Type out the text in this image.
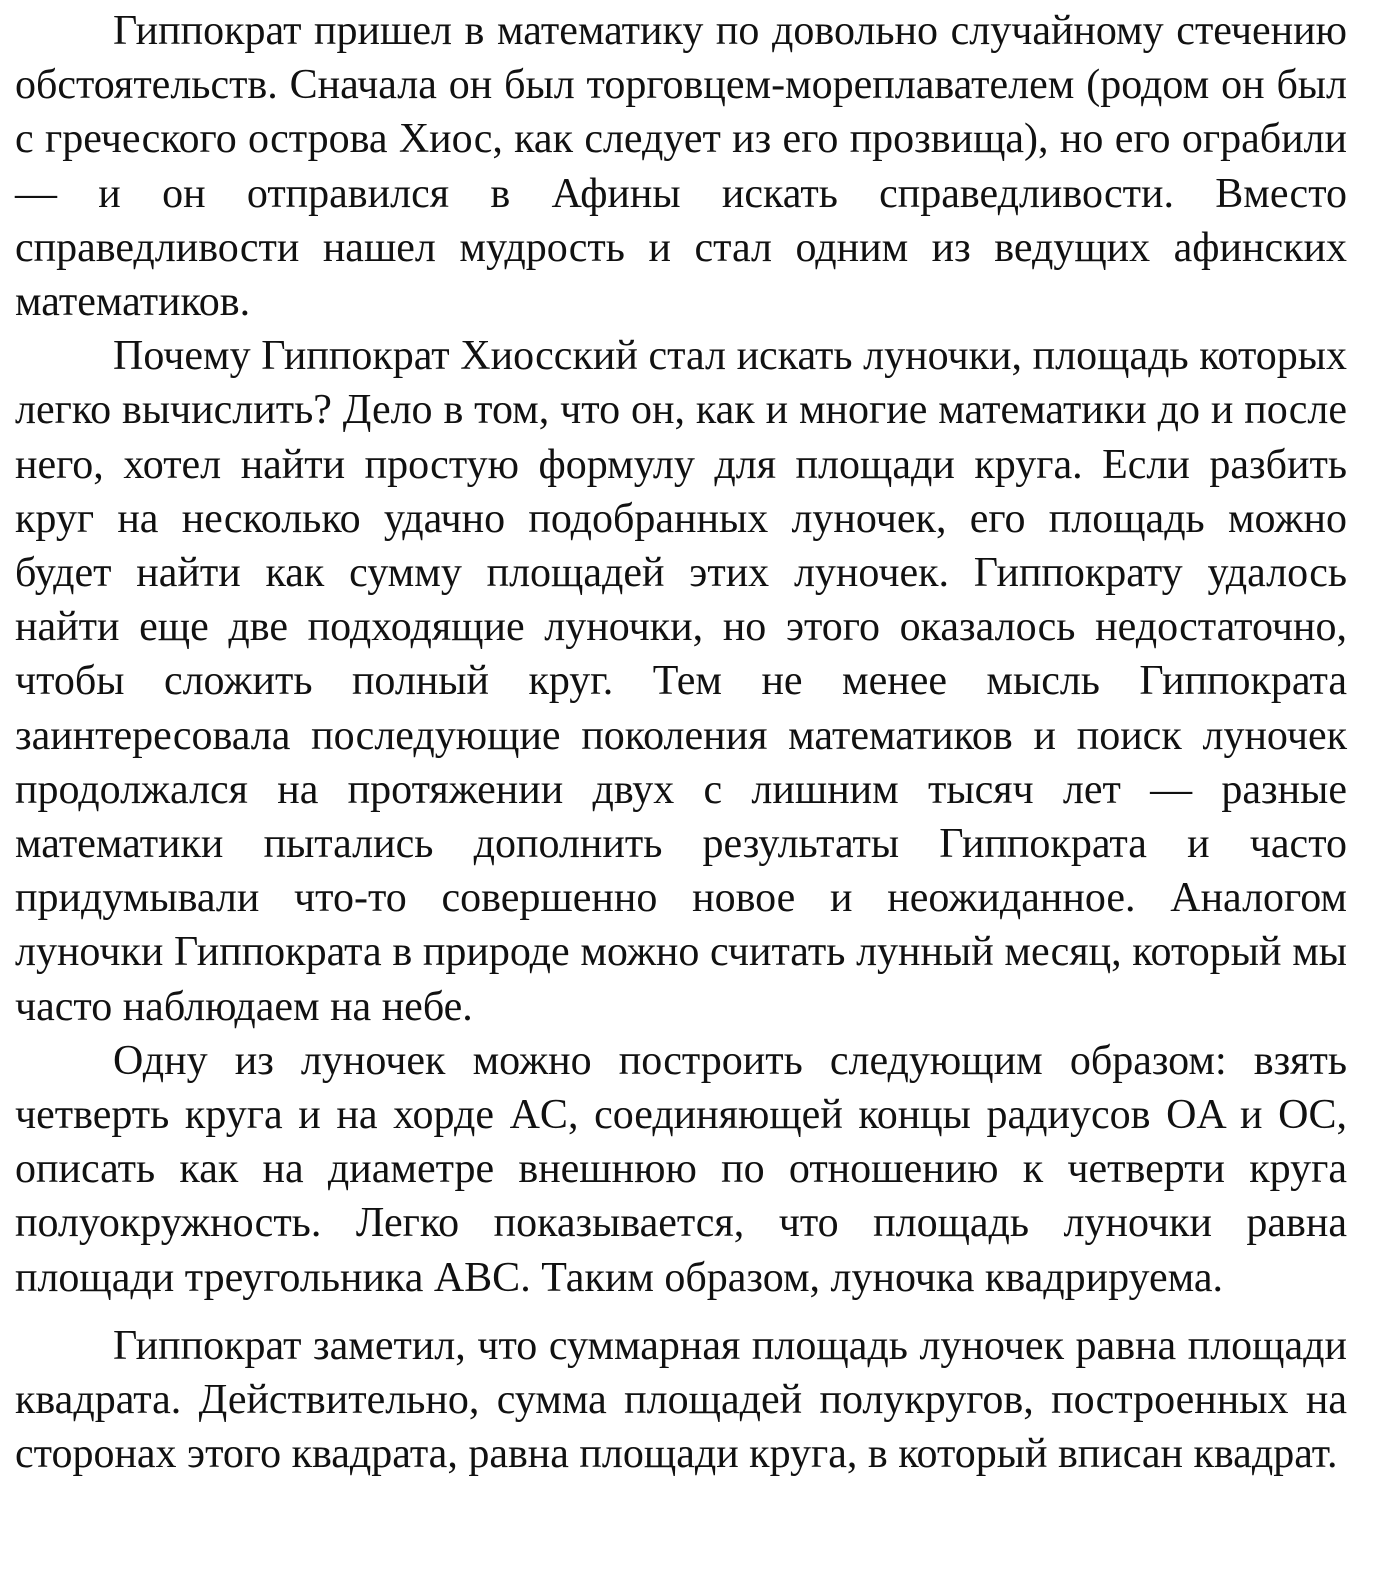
Гиппократ пришел в математику по довольно случайному стечению обстоятельств. Сначала он был торговцем-мореплавателем (родом он был с греческого острова Хиос, как следует из его прозвища), но его ограбили — и он отправился в Афины искать справедливости. Вместо справедливости нашел мудрость и стал одним из ведущих афинских математиков.

Почему Гиппократ Хиосский стал искать луночки, площадь которых легко вычислить? Дело в том, что он, как и многие математики до и после него, хотел найти простую формулу для площади круга. Если разбить круг на несколько удачно подобранных луночек, его площадь можно будет найти как сумму площадей этих луночек. Гиппократу удалось найти еще две подходящие луночки, но этого оказалось недостаточно, чтобы сложить полный круг. Тем не менее мысль Гиппократа заинтересовала последующие поколения математиков и поиск луночек продолжался на протяжении двух с лишним тысяч лет — разные математики пытались дополнить результаты Гиппократа и часто придумывали что-то совершенно новое и неожиданное. Аналогом луночки Гиппократа в природе можно считать лунный месяц, который мы часто наблюдаем на небе.

Одну из луночек можно построить следующим образом: взять четверть круга и на хорде AC, соединяющей концы радиусов OA и OC, описать как на диаметре внешнюю по отношению к четверти круга полуокружность. Легко показывается, что площадь луночки равна площади треугольника ABC. Таким образом, луночка квадрируема.

Гиппократ заметил, что суммарная площадь луночек равна площади квадрата. Действительно, сумма площадей полукругов, построенных на сторонах этого квадрата, равна площади круга, в который вписан квадрат.
